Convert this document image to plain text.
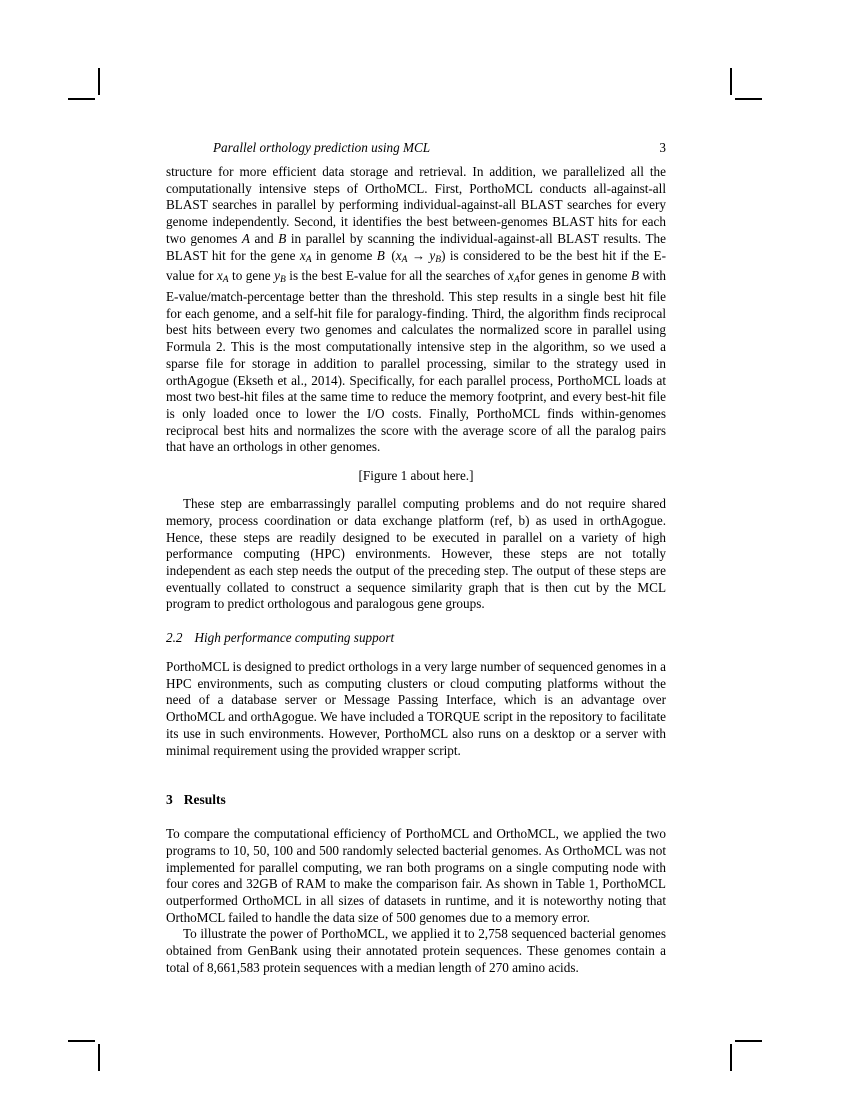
Parallel orthology prediction using MCL	3

structure for more efficient data storage and retrieval. In addition, we parallelized all the computationally intensive steps of OrthoMCL. First, PorthoMCL conducts all-against-all BLAST searches in parallel by performing individual-against-all BLAST searches for every genome independently. Second, it identifies the best between-genomes BLAST hits for each two genomes A and B in parallel by scanning the individual-against-all BLAST results. The BLAST hit for the gene xA in genome B (xA → yB) is considered to be the best hit if the E-value for xA to gene yB is the best E-value for all the searches of xAfor genes in genome B with E-value/match-percentage better than the threshold. This step results in a single best hit file for each genome, and a self-hit file for paralogy-finding. Third, the algorithm finds reciprocal best hits between every two genomes and calculates the normalized score in parallel using Formula 2. This is the most computationally intensive step in the algorithm, so we used a sparse file for storage in addition to parallel processing, similar to the strategy used in orthAgogue (Ekseth et al., 2014). Specifically, for each parallel process, PorthoMCL loads at most two best-hit files at the same time to reduce the memory footprint, and every best-hit file is only loaded once to lower the I/O costs. Finally, PorthoMCL finds within-genomes reciprocal best hits and normalizes the score with the average score of all the paralog pairs that have an orthologs in other genomes.

[Figure 1 about here.]

These step are embarrassingly parallel computing problems and do not require shared memory, process coordination or data exchange platform (ref, b) as used in orthAgogue. Hence, these steps are readily designed to be executed in parallel on a variety of high performance computing (HPC) environments. However, these steps are not totally independent as each step needs the output of the preceding step. The output of these steps are eventually collated to construct a sequence similarity graph that is then cut by the MCL program to predict orthologous and paralogous gene groups.

2.2 High performance computing support

PorthoMCL is designed to predict orthologs in a very large number of sequenced genomes in a HPC environments, such as computing clusters or cloud computing platforms without the need of a database server or Message Passing Interface, which is an advantage over OrthoMCL and orthAgogue. We have included a TORQUE script in the repository to facilitate its use in such environments. However, PorthoMCL also runs on a desktop or a server with minimal requirement using the provided wrapper script.

3 Results

To compare the computational efficiency of PorthoMCL and OrthoMCL, we applied the two programs to 10, 50, 100 and 500 randomly selected bacterial genomes. As OrthoMCL was not implemented for parallel computing, we ran both programs on a single computing node with four cores and 32GB of RAM to make the comparison fair. As shown in Table 1, PorthoMCL outperformed OrthoMCL in all sizes of datasets in runtime, and it is noteworthy noting that OrthoMCL failed to handle the data size of 500 genomes due to a memory error.

To illustrate the power of PorthoMCL, we applied it to 2,758 sequenced bacterial genomes obtained from GenBank using their annotated protein sequences. These genomes contain a total of 8,661,583 protein sequences with a median length of 270 amino acids.
